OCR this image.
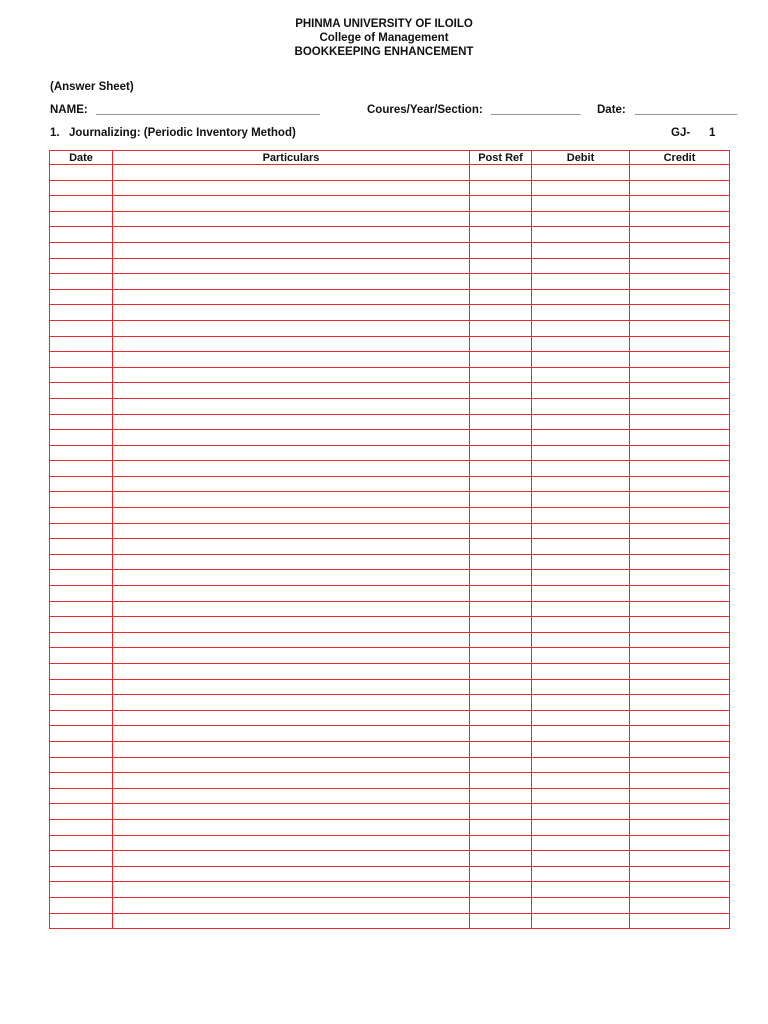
PHINMA UNIVERSITY OF ILOILO
College of Management
BOOKKEEPING ENHANCEMENT
(Answer Sheet)
NAME: ___________________________________	Coures/Year/Section: ______________ Date: ________________
1. Journalizing: (Periodic Inventory Method)	GJ- 1
Date	Particulars	Post Ref	Debit	Credit
